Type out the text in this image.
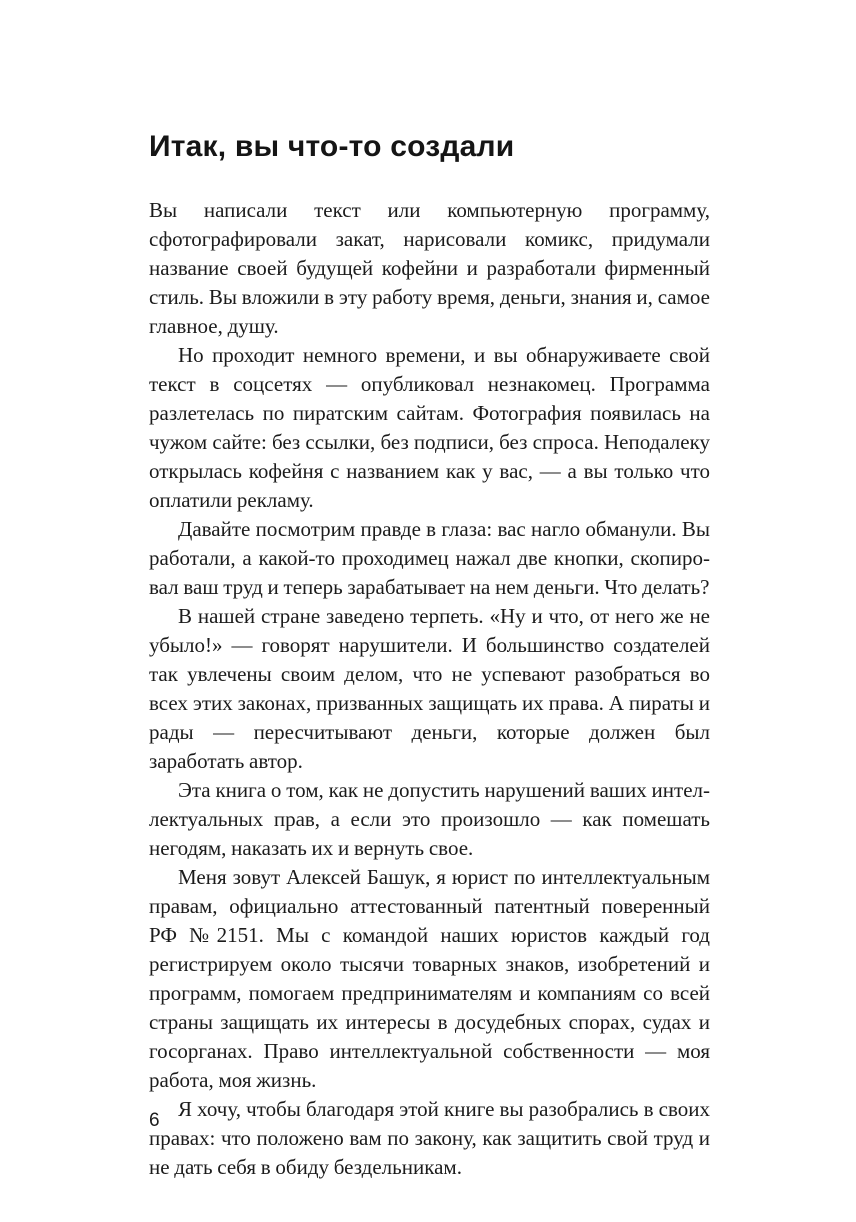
Итак, вы что-то создали

Вы написали текст или компьютерную программу, сфотографировали закат, нарисовали комикс, придумали название своей будущей кофейни и разработали фирменный стиль. Вы вложили в эту работу время, деньги, знания и, самое главное, душу.

Но проходит немного времени, и вы обнаруживаете свой текст в соцсетях — опубликовал незнакомец. Программа разлетелась по пиратским сайтам. Фотография появилась на чужом сайте: без ссылки, без подписи, без спроса. Неподалеку открылась кофейня с названием как у вас, — а вы только что оплатили рекламу.

Давайте посмотрим правде в глаза: вас нагло обманули. Вы работали, а какой-то проходимец нажал две кнопки, скопировал ваш труд и теперь зарабатывает на нем деньги. Что делать?

В нашей стране заведено терпеть. «Ну и что, от него же не убыло!» — говорят нарушители. И большинство создателей так увлечены своим делом, что не успевают разобраться во всех этих законах, призванных защищать их права. А пираты и рады — пересчитывают деньги, которые должен был заработать автор.

Эта книга о том, как не допустить нарушений ваших интеллектуальных прав, а если это произошло — как помешать негодям, наказать их и вернуть свое.

Меня зовут Алексей Башук, я юрист по интеллектуальным правам, официально аттестованный патентный поверенный РФ №2151. Мы с командой наших юристов каждый год регистрируем около тысячи товарных знаков, изобретений и программ, помогаем предпринимателям и компаниям со всей страны защищать их интересы в досудебных спорах, судах и госорганах. Право интеллектуальной собственности — моя работа, моя жизнь.

Я хочу, чтобы благодаря этой книге вы разобрались в своих правах: что положено вам по закону, как защитить свой труд и не дать себя в обиду бездельникам.

6
